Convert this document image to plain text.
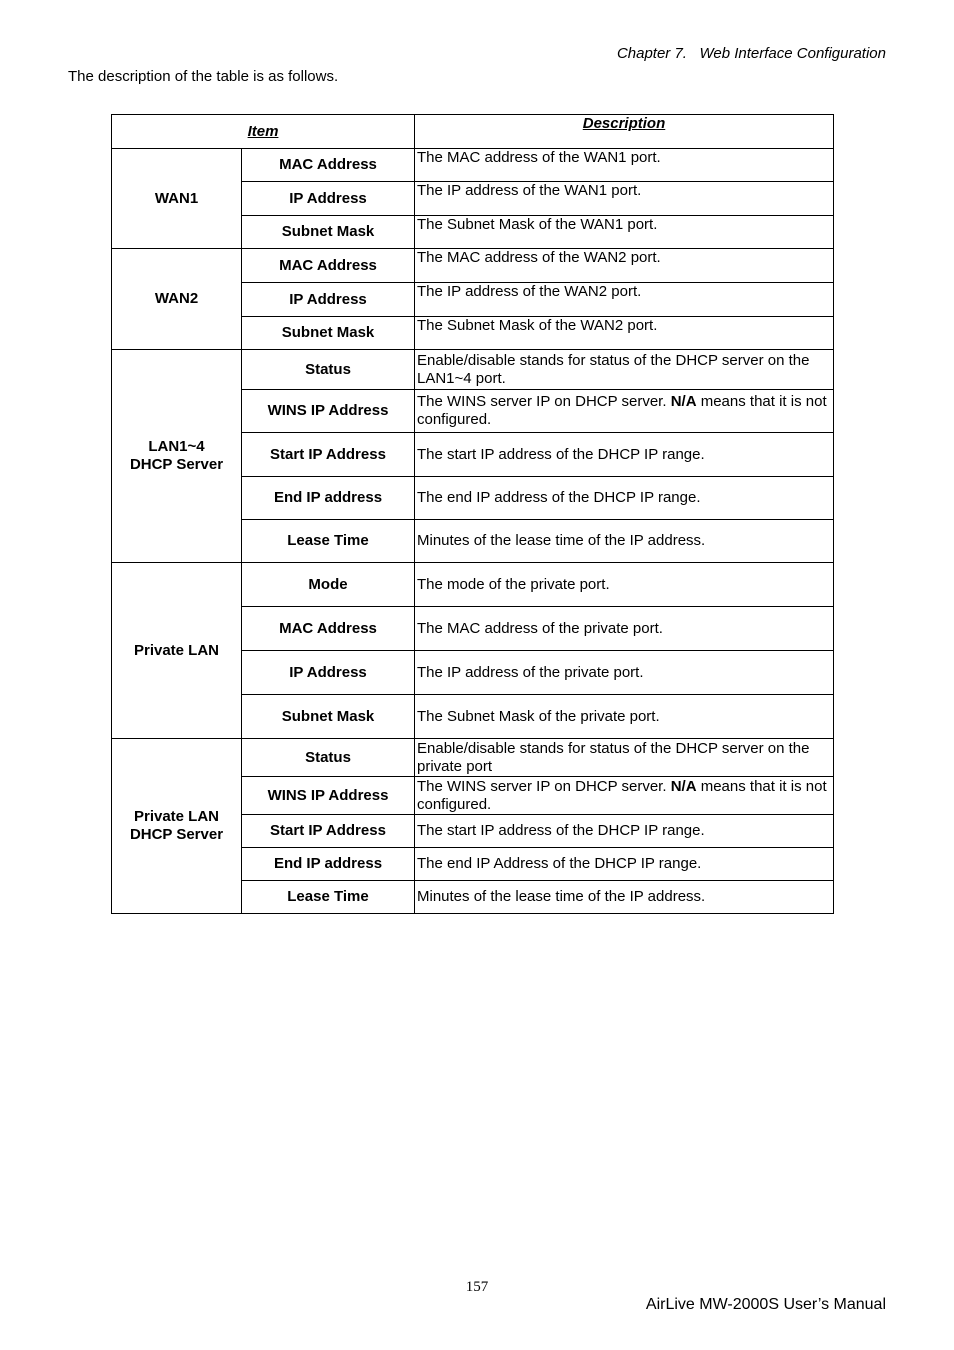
Chapter 7. Web Interface Configuration
The description of the table is as follows.
Item		Description
WAN1	MAC Address	The MAC address of the WAN1 port.
	IP Address	The IP address of the WAN1 port.
	Subnet Mask	The Subnet Mask of the WAN1 port.
WAN2	MAC Address	The MAC address of the WAN2 port.
	IP Address	The IP address of the WAN2 port.
	Subnet Mask	The Subnet Mask of the WAN2 port.
LAN1~4
DHCP Server	Status	Enable/disable stands for status of the DHCP server on the LAN1~4 port.
	WINS IP Address	The WINS server IP on DHCP server. N/A means that it is not configured.
	Start IP Address	The start IP address of the DHCP IP range.
	End IP address	The end IP address of the DHCP IP range.
	Lease Time	Minutes of the lease time of the IP address.
Private LAN	Mode	The mode of the private port.
	MAC Address	The MAC address of the private port.
	IP Address	The IP address of the private port.
	Subnet Mask	The Subnet Mask of the private port.
Private LAN
DHCP Server	Status	Enable/disable stands for status of the DHCP server on the private port
	WINS IP Address	The WINS server IP on DHCP server. N/A means that it is not configured.
	Start IP Address	The start IP address of the DHCP IP range.
	End IP address	The end IP Address of the DHCP IP range.
	Lease Time	Minutes of the lease time of the IP address.
157
AirLive MW-2000S User’s Manual
